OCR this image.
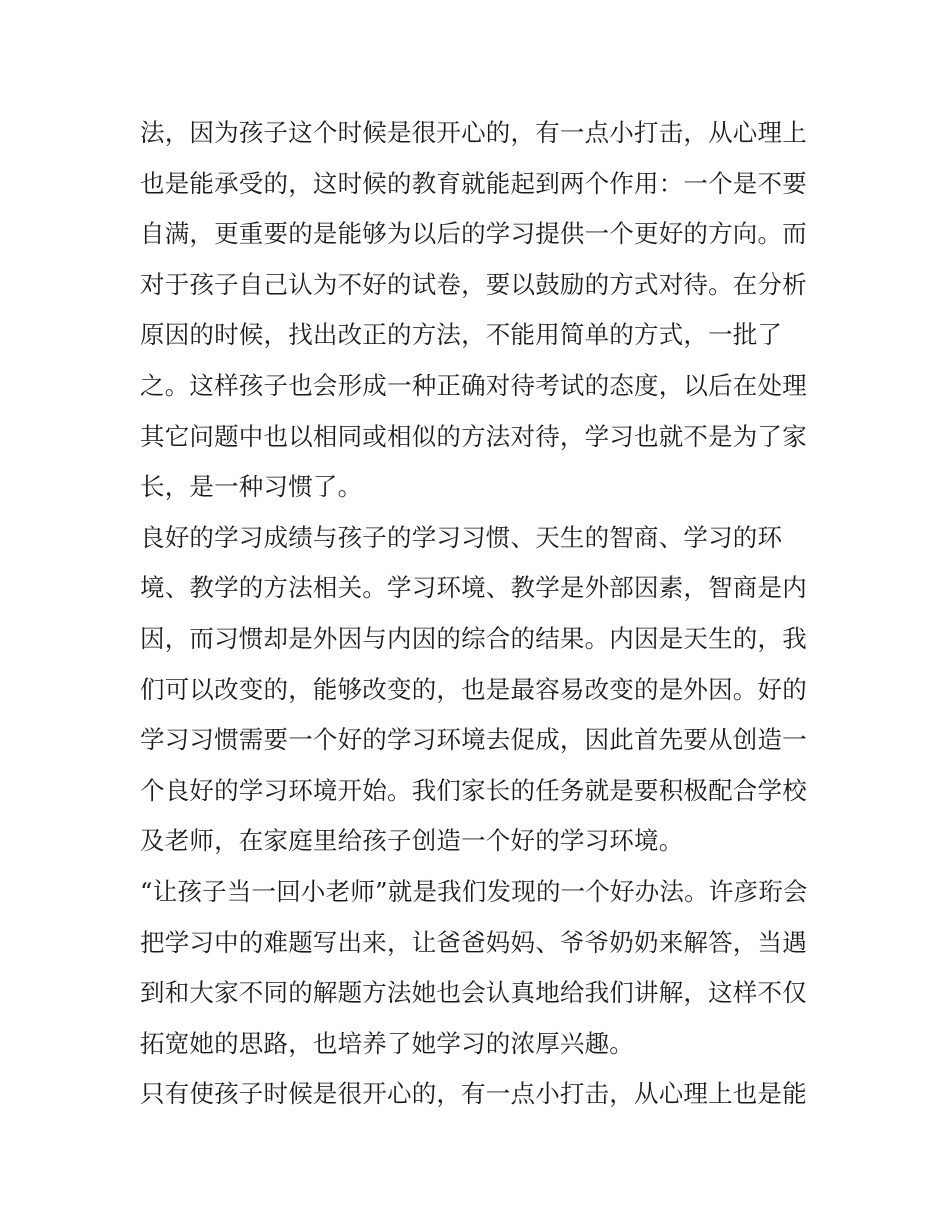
法，因为孩子这个时候是很开心的，有一点小打击，从心理上
也是能承受的，这时候的教育就能起到两个作用：一个是不要
自满，更重要的是能够为以后的学习提供一个更好的方向。而
对于孩子自己认为不好的试卷，要以鼓励的方式对待。在分析
原因的时候，找出改正的方法，不能用简单的方式，一批了
之。这样孩子也会形成一种正确对待考试的态度，以后在处理
其它问题中也以相同或相似的方法对待，学习也就不是为了家
长，是一种习惯了。
良好的学习成绩与孩子的学习习惯、天生的智商、学习的环
境、教学的方法相关。学习环境、教学是外部因素，智商是内
因，而习惯却是外因与内因的综合的结果。内因是天生的，我
们可以改变的，能够改变的，也是最容易改变的是外因。好的
学习习惯需要一个好的学习环境去促成，因此首先要从创造一
个良好的学习环境开始。我们家长的任务就是要积极配合学校
及老师，在家庭里给孩子创造一个好的学习环境。
“让孩子当一回小老师”就是我们发现的一个好办法。许彦珩会
把学习中的难题写出来，让爸爸妈妈、爷爷奶奶来解答，当遇
到和大家不同的解题方法她也会认真地给我们讲解，这样不仅
拓宽她的思路，也培养了她学习的浓厚兴趣。
只有使孩子时候是很开心的，有一点小打击，从心理上也是能
